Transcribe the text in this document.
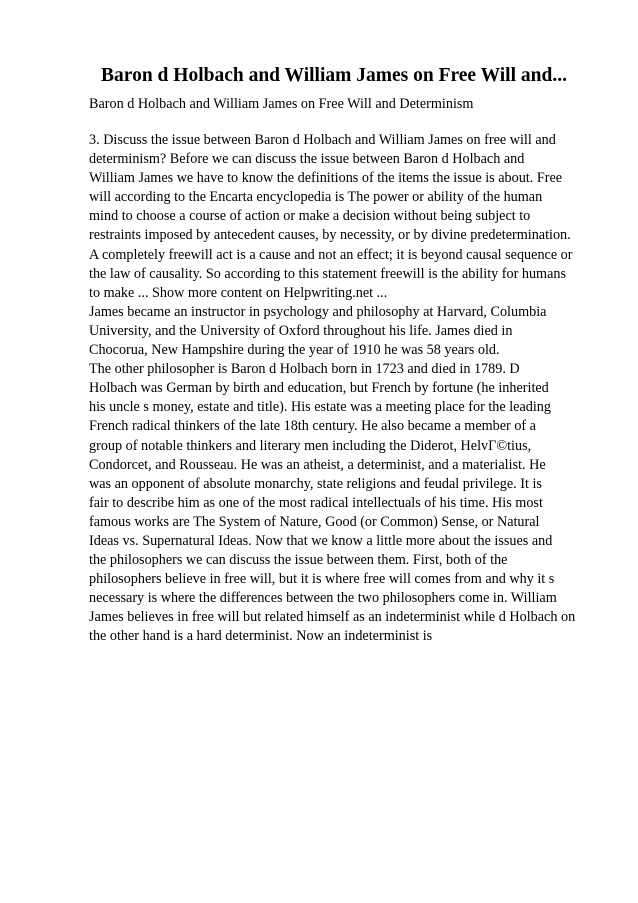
Baron d Holbach and William James on Free Will and...

Baron d Holbach and William James on Free Will and Determinism

3. Discuss the issue between Baron d Holbach and William James on free will and
determinism? Before we can discuss the issue between Baron d Holbach and
William James we have to know the definitions of the items the issue is about. Free
will according to the Encarta encyclopedia is The power or ability of the human
mind to choose a course of action or make a decision without being subject to
restraints imposed by antecedent causes, by necessity, or by divine predetermination.
A completely freewill act is a cause and not an effect; it is beyond causal sequence or
the law of causality. So according to this statement freewill is the ability for humans
to make ... Show more content on Helpwriting.net ...
James became an instructor in psychology and philosophy at Harvard, Columbia
University, and the University of Oxford throughout his life. James died in
Chocorua, New Hampshire during the year of 1910 he was 58 years old.
The other philosopher is Baron d Holbach born in 1723 and died in 1789. D
Holbach was German by birth and education, but French by fortune (he inherited
his uncle s money, estate and title). His estate was a meeting place for the leading
French radical thinkers of the late 18th century. He also became a member of a
group of notable thinkers and literary men including the Diderot, HelvГ©tius,
Condorcet, and Rousseau. He was an atheist, a determinist, and a materialist. He
was an opponent of absolute monarchy, state religions and feudal privilege. It is
fair to describe him as one of the most radical intellectuals of his time. His most
famous works are The System of Nature, Good (or Common) Sense, or Natural
Ideas vs. Supernatural Ideas. Now that we know a little more about the issues and
the philosophers we can discuss the issue between them. First, both of the
philosophers believe in free will, but it is where free will comes from and why it s
necessary is where the differences between the two philosophers come in. William
James believes in free will but related himself as an indeterminist while d Holbach on
the other hand is a hard determinist. Now an indeterminist is
